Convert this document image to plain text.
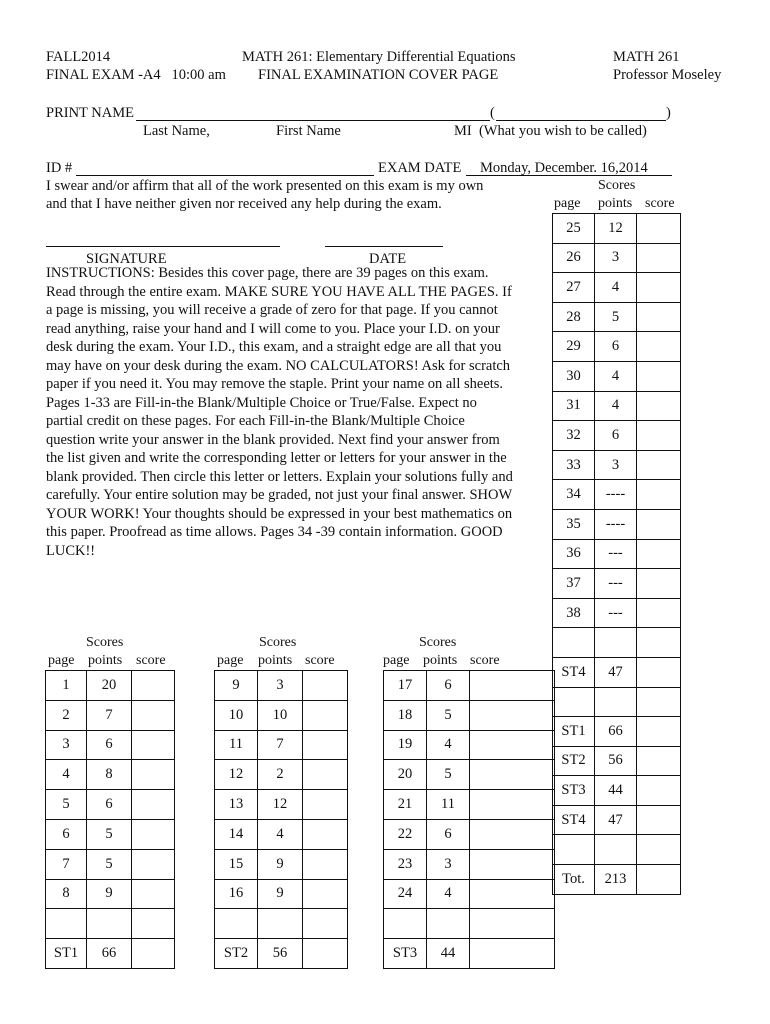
FALL2014
FINAL EXAM -A4   10:00 am
MATH 261: Elementary Differential Equations
FINAL EXAMINATION COVER PAGE
MATH 261
Professor Moseley
PRINT NAME	(	)
Last Name,	First Name	MI  (What you wish to be called)
ID #	EXAM DATE Monday, December. 16,2014
I swear and/or affirm that all of the work presented on this exam is my own
and that I have neither given nor received any help during the exam.
SIGNATURE	DATE
INSTRUCTIONS: Besides this cover page, there are 39 pages on this exam. Read through the entire exam. MAKE SURE YOU HAVE ALL THE PAGES. If a page is missing, you will receive a grade of zero for that page. If you cannot read anything, raise your hand and I will come to you. Place your I.D. on your desk during the exam. Your I.D., this exam, and a straight edge are all that you may have on your desk during the exam. NO CALCULATORS! Ask for scratch paper if you need it. You may remove the staple. Print your name on all sheets. Pages 1-33 are Fill-in-the Blank/Multiple Choice or True/False. Expect no partial credit on these pages. For each Fill-in-the Blank/Multiple Choice question write your answer in the blank provided. Next find your answer from the list given and write the corresponding letter or letters for your answer in the blank provided. Then circle this letter or letters. Explain your solutions fully and carefully. Your entire solution may be graded, not just your final answer. SHOW YOUR WORK! Your thoughts should be expressed in your best mathematics on this paper. Proofread as time allows. Pages 34 -39 contain information. GOOD LUCK!!
Scores
page points score
Scores
page points score
Scores
page points score
Scores
page points score
1	20	
2	7	
3	6	
4	8	
5	6	
6	5	
7	5	
8	9	

ST1	66	
9	3	
10	10	
11	7	
12	2	
13	12	
14	4	
15	9	
16	9	

ST2	56	
17	6	
18	5	
19	4	
20	5	
21	11	
22	6	
23	3	
24	4	

ST3	44	
25	12	
26	3	
27	4	
28	5	
29	6	
30	4	
31	4	
32	6	
33	3	
34	----	
35	----	
36	---	
37	---	
38	---	

ST4	47	

ST1	66	
ST2	56	
ST3	44	
ST4	47	

Tot.	213	
